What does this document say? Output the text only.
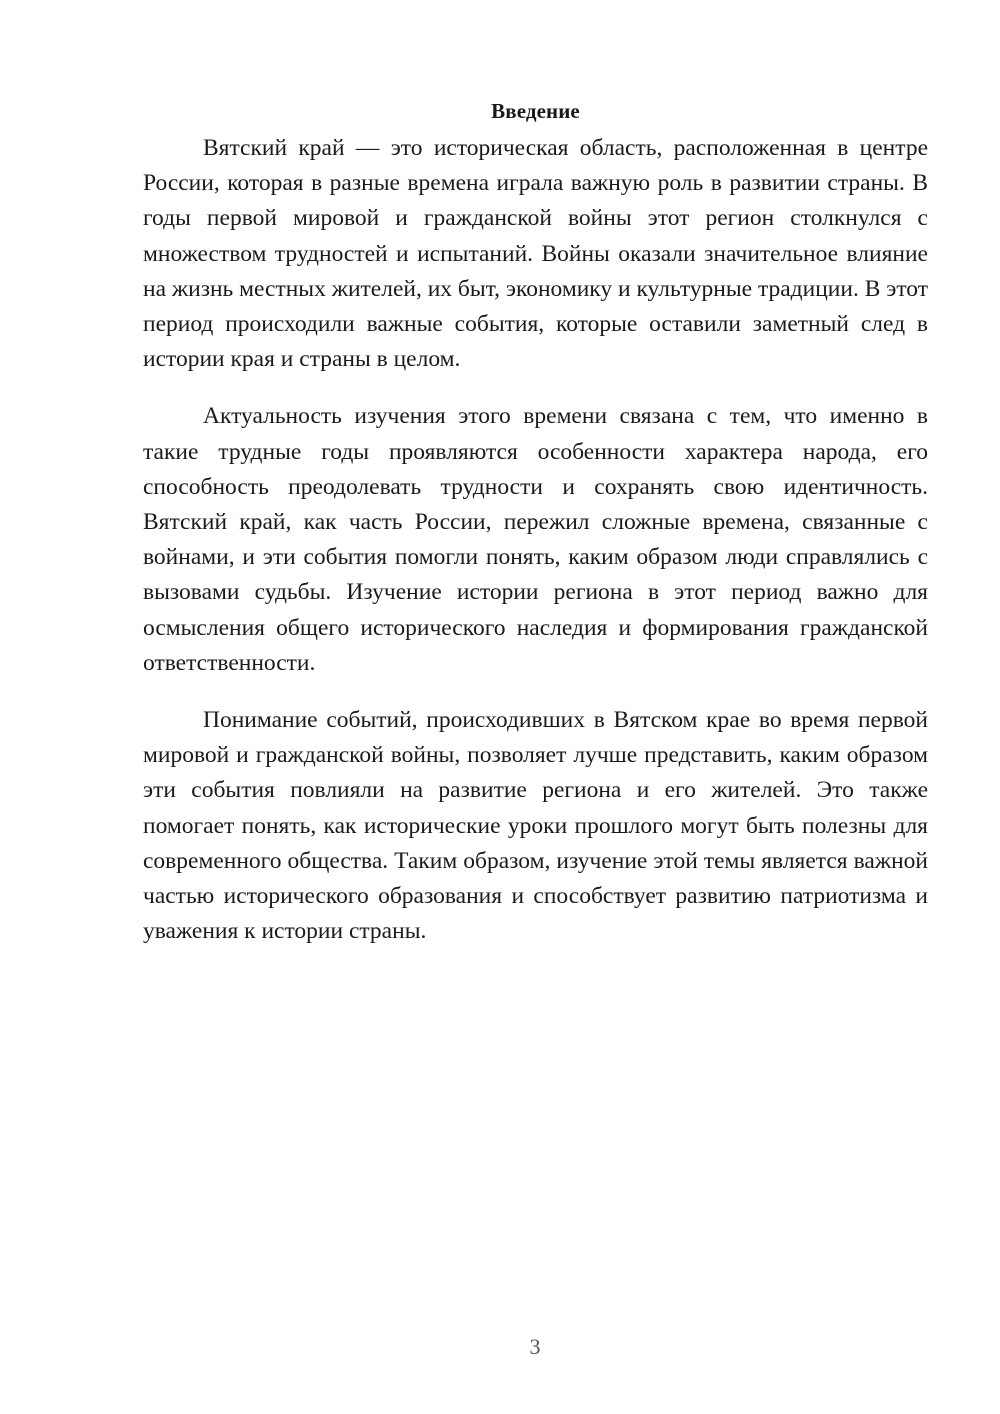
Введение

Вятский край — это историческая область, расположенная в центре России, которая в разные времена играла важную роль в развитии страны. В годы первой мировой и гражданской войны этот регион столкнулся с множеством трудностей и испытаний. Войны оказали значительное влияние на жизнь местных жителей, их быт, экономику и культурные традиции. В этот период происходили важные события, которые оставили заметный след в истории края и страны в целом.

Актуальность изучения этого времени связана с тем, что именно в такие трудные годы проявляются особенности характера народа, его способность преодолевать трудности и сохранять свою идентичность. Вятский край, как часть России, пережил сложные времена, связанные с войнами, и эти события помогли понять, каким образом люди справлялись с вызовами судьбы. Изучение истории региона в этот период важно для осмысления общего исторического наследия и формирования гражданской ответственности.

Понимание событий, происходивших в Вятском крае во время первой мировой и гражданской войны, позволяет лучше представить, каким образом эти события повлияли на развитие региона и его жителей. Это также помогает понять, как исторические уроки прошлого могут быть полезны для современного общества. Таким образом, изучение этой темы является важной частью исторического образования и способствует развитию патриотизма и уважения к истории страны.

3
